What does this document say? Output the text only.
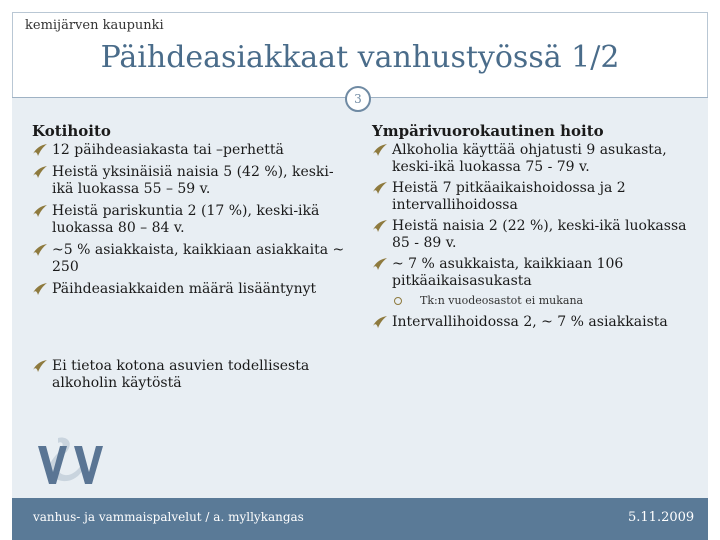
kemijärven kaupunki
Päihdeasiakkaat vanhustyössä 1/2
3
Kotihoito
12 päihdeasiakasta tai –perhettä
Heistä yksinäisiä naisia 5 (42 %), keski-ikä luokassa 55 – 59 v.
Heistä pariskuntia 2 (17 %), keski-ikä luokassa 80 – 84 v.
~5 % asiakkaista, kaikkiaan asiakkaita ~ 250
Päihdeasiakkaiden määrä lisääntynyt
Ei tietoa kotona asuvien todellisesta alkoholin käytöstä
Ympärivuorokautinen hoito
Alkoholia käyttää ohjatusti 9 asukasta, keski-ikä luokassa 75 - 79 v.
Heistä 7 pitkäaikaishoidossa ja 2 intervallihoidossa
Heistä naisia 2 (22 %), keski-ikä luokassa 85 - 89 v.
~ 7 % asukkaista, kaikkiaan 106 pitkäaikaisasukasta
Tk:n vuodeosastot ei mukana
Intervallihoidossa 2, ~ 7 % asiakkaista
vanhus- ja vammaispalvelut / a. myllykangas	5.11.2009
